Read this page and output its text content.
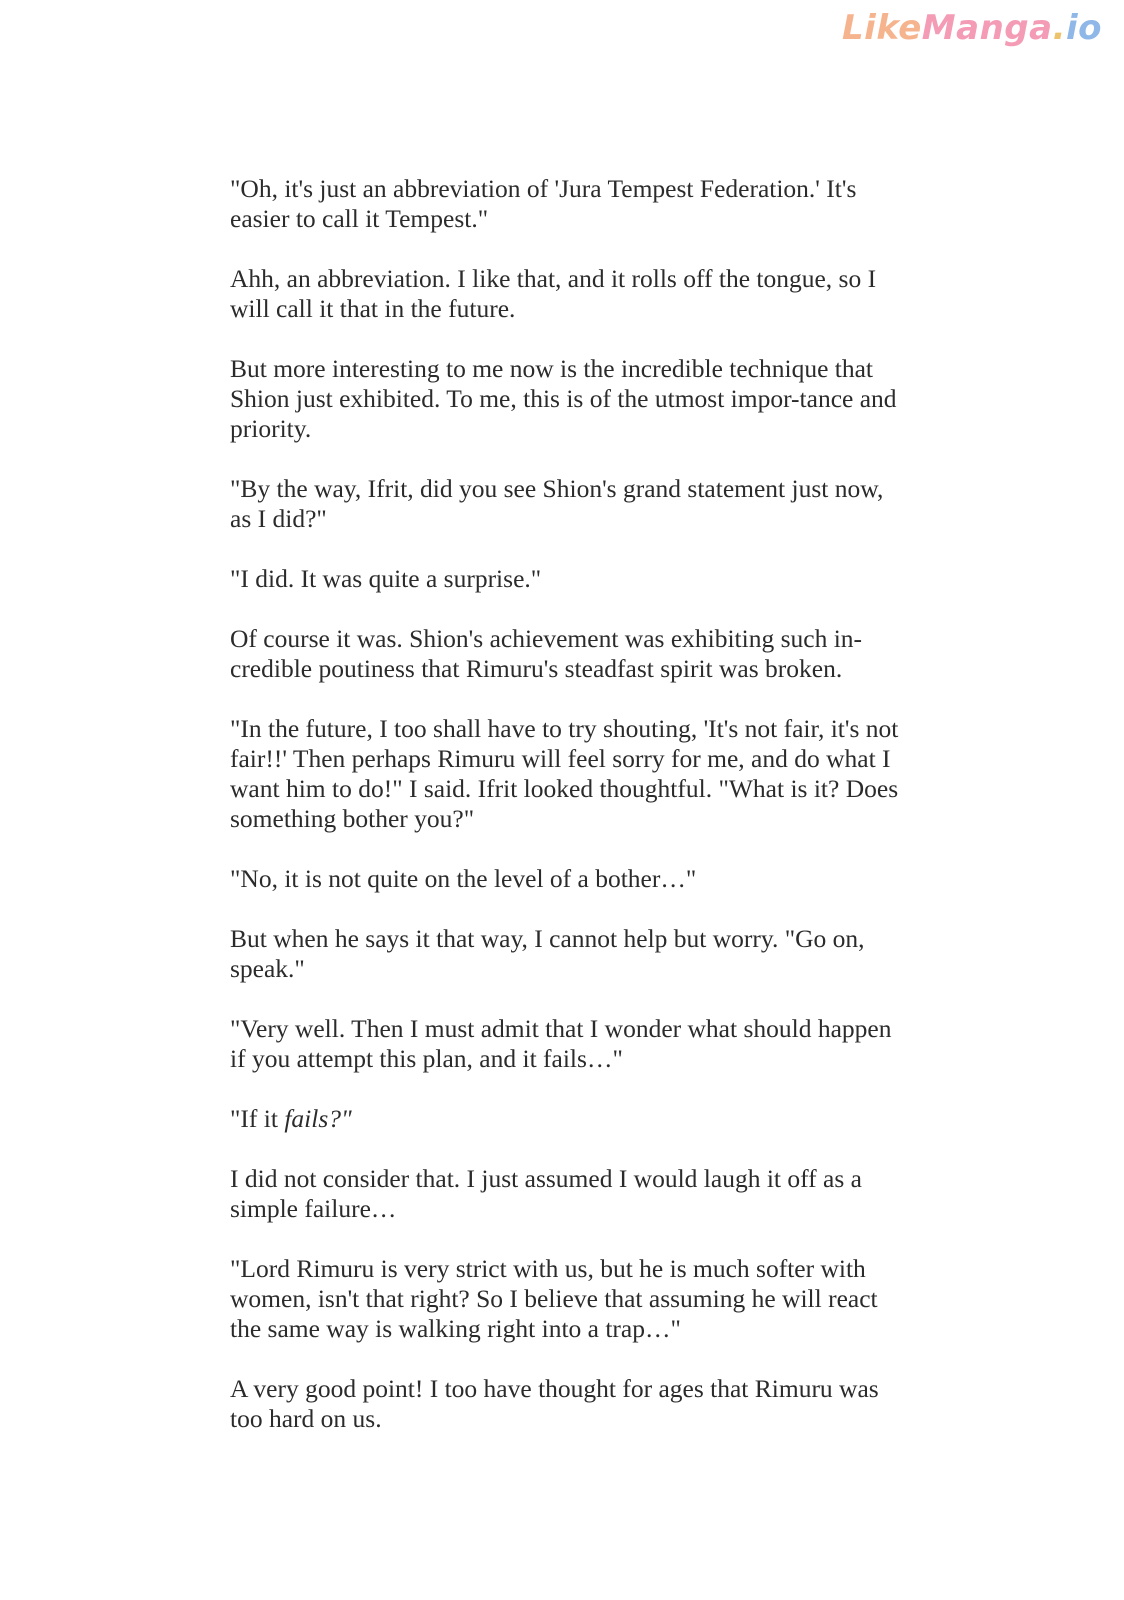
LikeManga.io

"Oh, it's just an abbreviation of 'Jura Tempest Federation.' It's easier to call it Tempest."

Ahh, an abbreviation. I like that, and it rolls off the tongue, so I will call it that in the future.

But more interesting to me now is the incredible technique that Shion just exhibited. To me, this is of the utmost impor-tance and priority.

"By the way, Ifrit, did you see Shion's grand statement just now, as I did?"

"I did. It was quite a surprise."

Of course it was. Shion's achievement was exhibiting such in-credible poutiness that Rimuru's steadfast spirit was broken.

"In the future, I too shall have to try shouting, 'It's not fair, it's not fair!!' Then perhaps Rimuru will feel sorry for me, and do what I want him to do!" I said. Ifrit looked thoughtful. "What is it? Does something bother you?"

"No, it is not quite on the level of a bother…"

But when he says it that way, I cannot help but worry. "Go on, speak."

"Very well. Then I must admit that I wonder what should happen if you attempt this plan, and it fails…"

"If it fails?"

I did not consider that. I just assumed I would laugh it off as a simple failure…

"Lord Rimuru is very strict with us, but he is much softer with women, isn't that right? So I believe that assuming he will react the same way is walking right into a trap…"

A very good point! I too have thought for ages that Rimuru was too hard on us.
